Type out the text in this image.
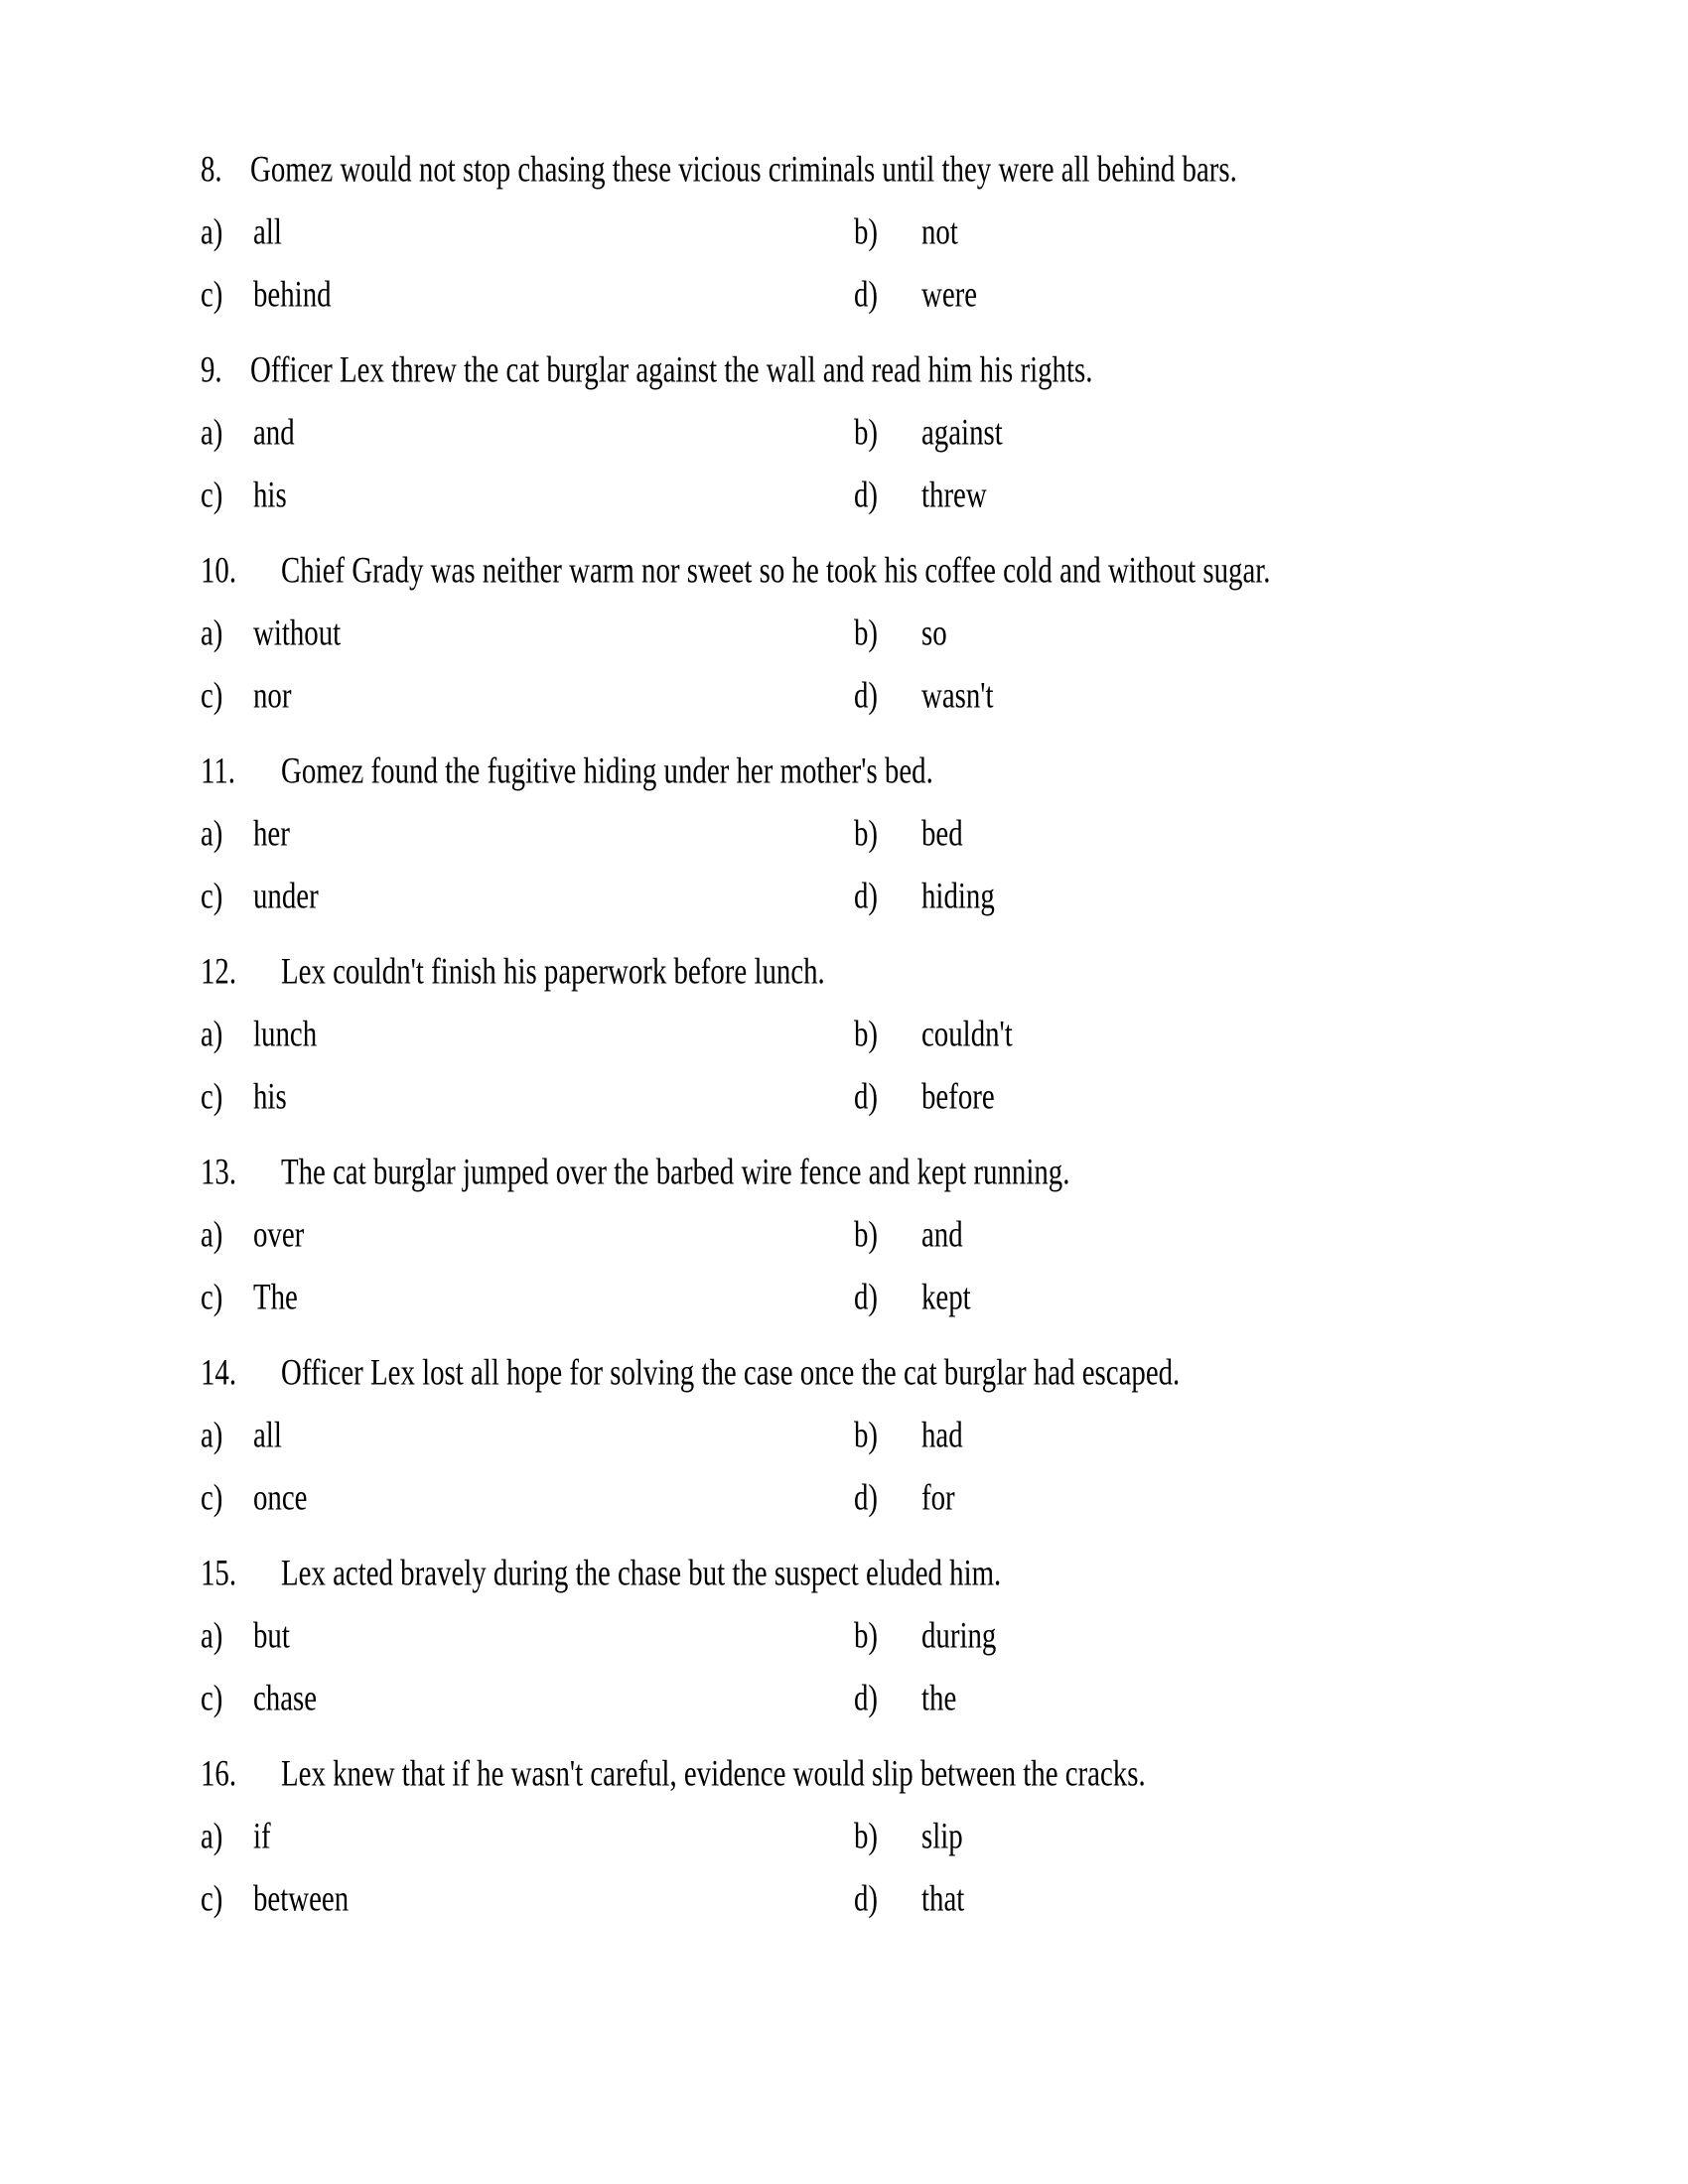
8. Gomez would not stop chasing these vicious criminals until they were all behind bars.
a) all	b) not
c) behind	d) were
9. Officer Lex threw the cat burglar against the wall and read him his rights.
a) and	b) against
c) his	d) threw
10. Chief Grady was neither warm nor sweet so he took his coffee cold and without sugar.
a) without	b) so
c) nor	d) wasn't
11. Gomez found the fugitive hiding under her mother's bed.
a) her	b) bed
c) under	d) hiding
12. Lex couldn't finish his paperwork before lunch.
a) lunch	b) couldn't
c) his	d) before
13. The cat burglar jumped over the barbed wire fence and kept running.
a) over	b) and
c) The	d) kept
14. Officer Lex lost all hope for solving the case once the cat burglar had escaped.
a) all	b) had
c) once	d) for
15. Lex acted bravely during the chase but the suspect eluded him.
a) but	b) during
c) chase	d) the
16. Lex knew that if he wasn't careful, evidence would slip between the cracks.
a) if	b) slip
c) between	d) that
